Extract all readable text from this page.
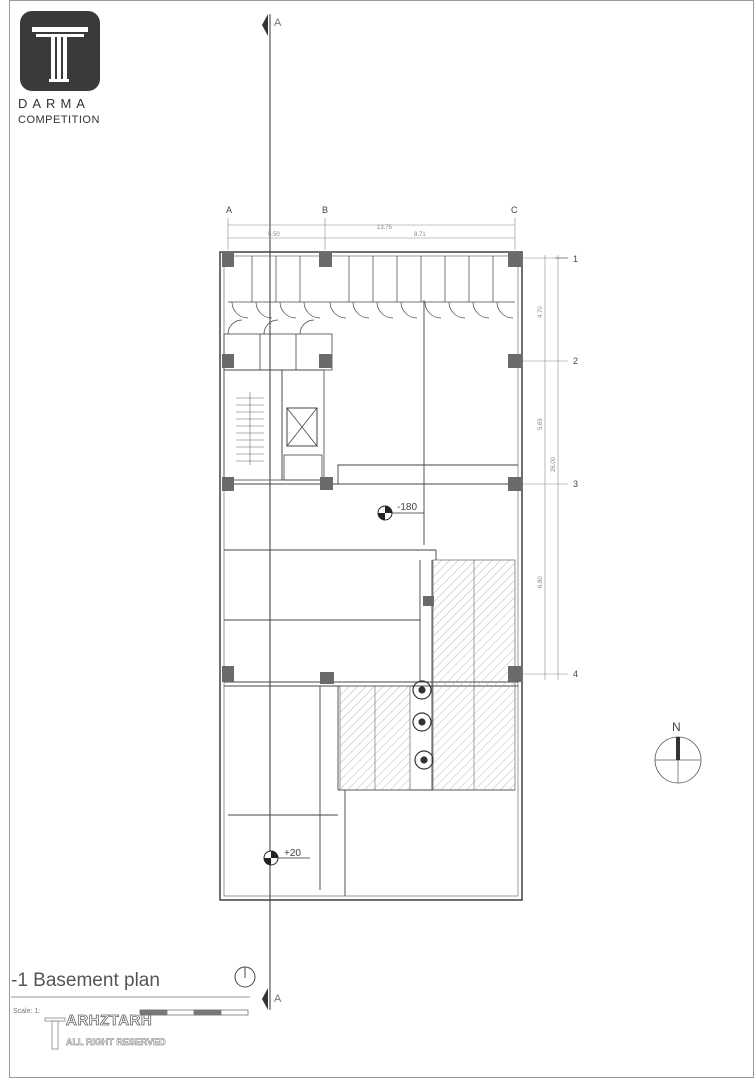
DARMA
COMPETITION
A
A
A	B	C
13.75
5.50	8.71
4.70
5.69
26.00
6.80
1
2
3
4
-180
+20
N
-1 Basement plan
Scale: 1:
ARHZTARH
ALL RIGHT RESERVED
